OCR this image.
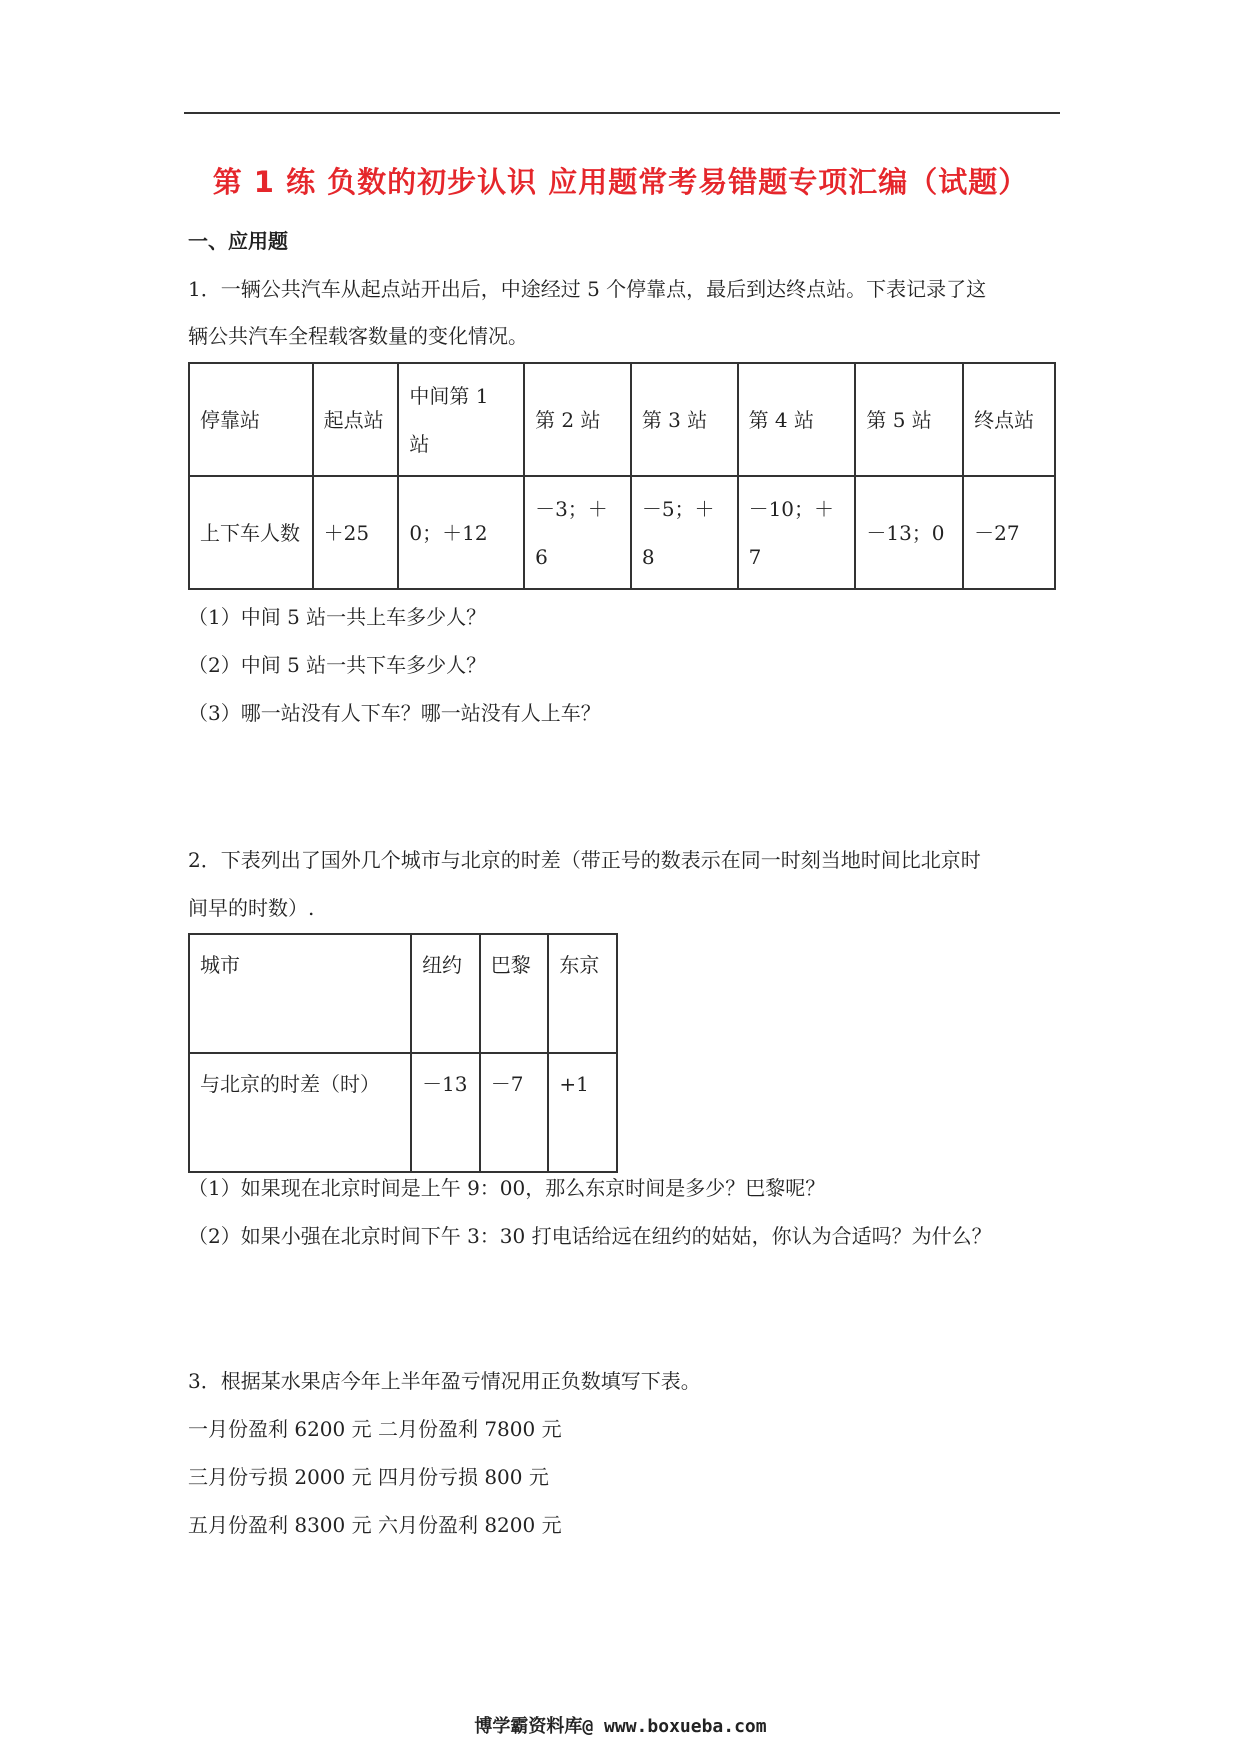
第 1 练 负数的初步认识 应用题常考易错题专项汇编（试题）
一、应用题
1．一辆公共汽车从起点站开出后，中途经过 5 个停靠点，最后到达终点站。下表记录了这
辆公共汽车全程载客数量的变化情况。
停靠站	起点站	中间第 1 站	第 2 站	第 3 站	第 4 站	第 5 站	终点站
上下车人数	＋25	0；＋12	－3；＋6	－5；＋8	－10；＋7	－13；0	－27
（1）中间 5 站一共上车多少人？
（2）中间 5 站一共下车多少人？
（3）哪一站没有人下车？哪一站没有人上车？
2．下表列出了国外几个城市与北京的时差（带正号的数表示在同一时刻当地时间比北京时
间早的时数）.
城市	纽约	巴黎	东京
与北京的时差（时）	－13	－7	+1
（1）如果现在北京时间是上午 9：00，那么东京时间是多少？巴黎呢？
（2）如果小强在北京时间下午 3：30 打电话给远在纽约的姑姑，你认为合适吗？为什么？
3．根据某水果店今年上半年盈亏情况用正负数填写下表。
一月份盈利 6200 元 二月份盈利 7800 元
三月份亏损 2000 元 四月份亏损 800 元
五月份盈利 8300 元 六月份盈利 8200 元
博学霸资料库@ www.boxueba.com
